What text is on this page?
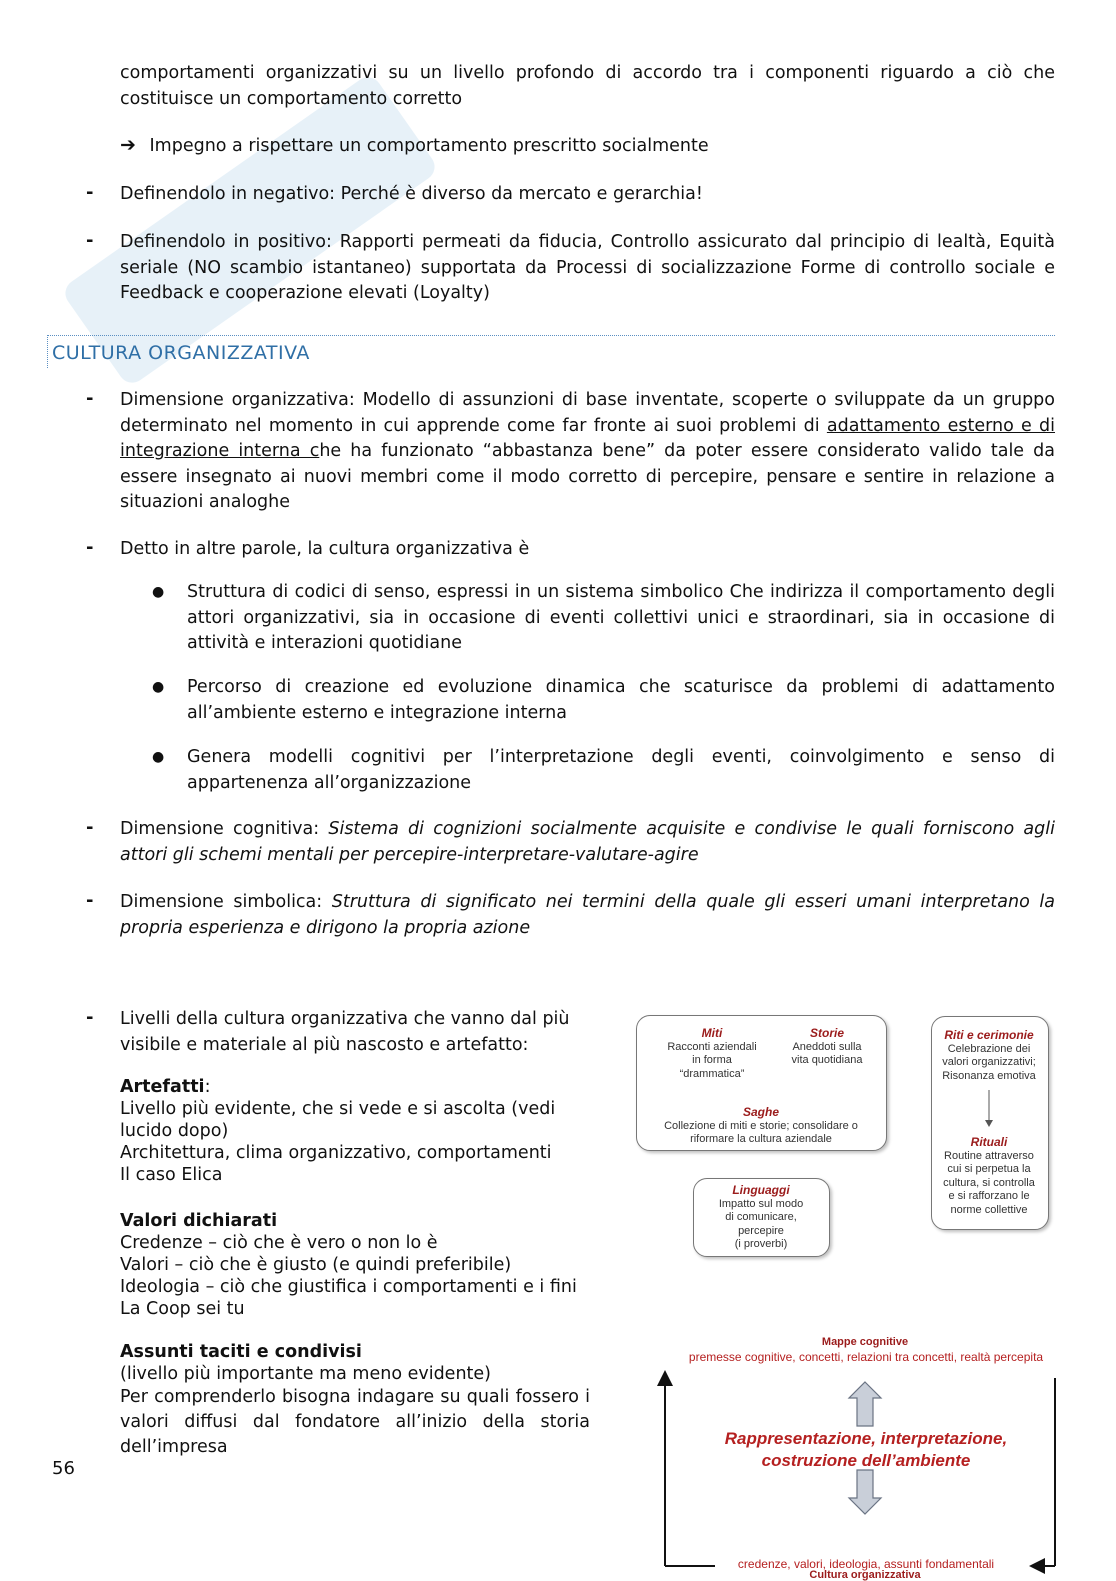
comportamenti organizzativi su un livello profondo di accordo tra i componenti riguardo a ciò che costituisce un comportamento corretto
➔ Impegno a rispettare un comportamento prescritto socialmente
- Definendolo in negativo: Perché è diverso da mercato e gerarchia!
- Definendolo in positivo: Rapporti permeati da fiducia, Controllo assicurato dal principio di lealtà, Equità seriale (NO scambio istantaneo) supportata da Processi di socializzazione Forme di controllo sociale e Feedback e cooperazione elevati (Loyalty)
CULTURA ORGANIZZATIVA
- Dimensione organizzativa: Modello di assunzioni di base inventate, scoperte o sviluppate da un gruppo determinato nel momento in cui apprende come far fronte ai suoi problemi di adattamento esterno e di integrazione interna che ha funzionato “abbastanza bene” da poter essere considerato valido tale da essere insegnato ai nuovi membri come il modo corretto di percepire, pensare e sentire in relazione a situazioni analoghe
- Detto in altre parole, la cultura organizzativa è
● Struttura di codici di senso, espressi in un sistema simbolico Che indirizza il comportamento degli attori organizzativi, sia in occasione di eventi collettivi unici e straordinari, sia in occasione di attività e interazioni quotidiane
● Percorso di creazione ed evoluzione dinamica che scaturisce da problemi di adattamento all’ambiente esterno e integrazione interna
● Genera modelli cognitivi per l’interpretazione degli eventi, coinvolgimento e senso di appartenenza all’organizzazione
- Dimensione cognitiva: Sistema di cognizioni socialmente acquisite e condivise le quali forniscono agli attori gli schemi mentali per percepire-interpretare-valutare-agire
- Dimensione simbolica: Struttura di significato nei termini della quale gli esseri umani interpretano la propria esperienza e dirigono la propria azione
- Livelli della cultura organizzativa che vanno dal più visibile e materiale al più nascosto e artefatto:
Artefatti:
Livello più evidente, che si vede e si ascolta (vedi lucido dopo)
Architettura, clima organizzativo, comportamenti
Il caso Elica
Valori dichiarati
Credenze – ciò che è vero o non lo è
Valori – ciò che è giusto (e quindi preferibile)
Ideologia – ciò che giustifica i comportamenti e i fini
La Coop sei tu
Assunti taciti e condivisi
(livello più importante ma meno evidente)
Per comprenderlo bisogna indagare su quali fossero i valori diffusi dal fondatore all’inizio della storia dell’impresa
56
Miti
Racconti aziendali
in forma
“drammatica”
Storie
Aneddoti sulla
vita quotidiana
Saghe
Collezione di miti e storie; consolidare o
riformare la cultura aziendale
Riti e cerimonie
Celebrazione dei
valori organizzativi;
Risonanza emotiva
Rituali
Routine attraverso
cui si perpetua la
cultura, si controlla
e si rafforzano le
norme collettive
Linguaggi
Impatto sul modo
di comunicare,
percepire
(i proverbi)
Mappe cognitive
premesse cognitive, concetti, relazioni tra concetti, realtà percepita
Rappresentazione, interpretazione,
costruzione dell’ambiente
credenze, valori, ideologia, assunti fondamentali
Cultura organizzativa
